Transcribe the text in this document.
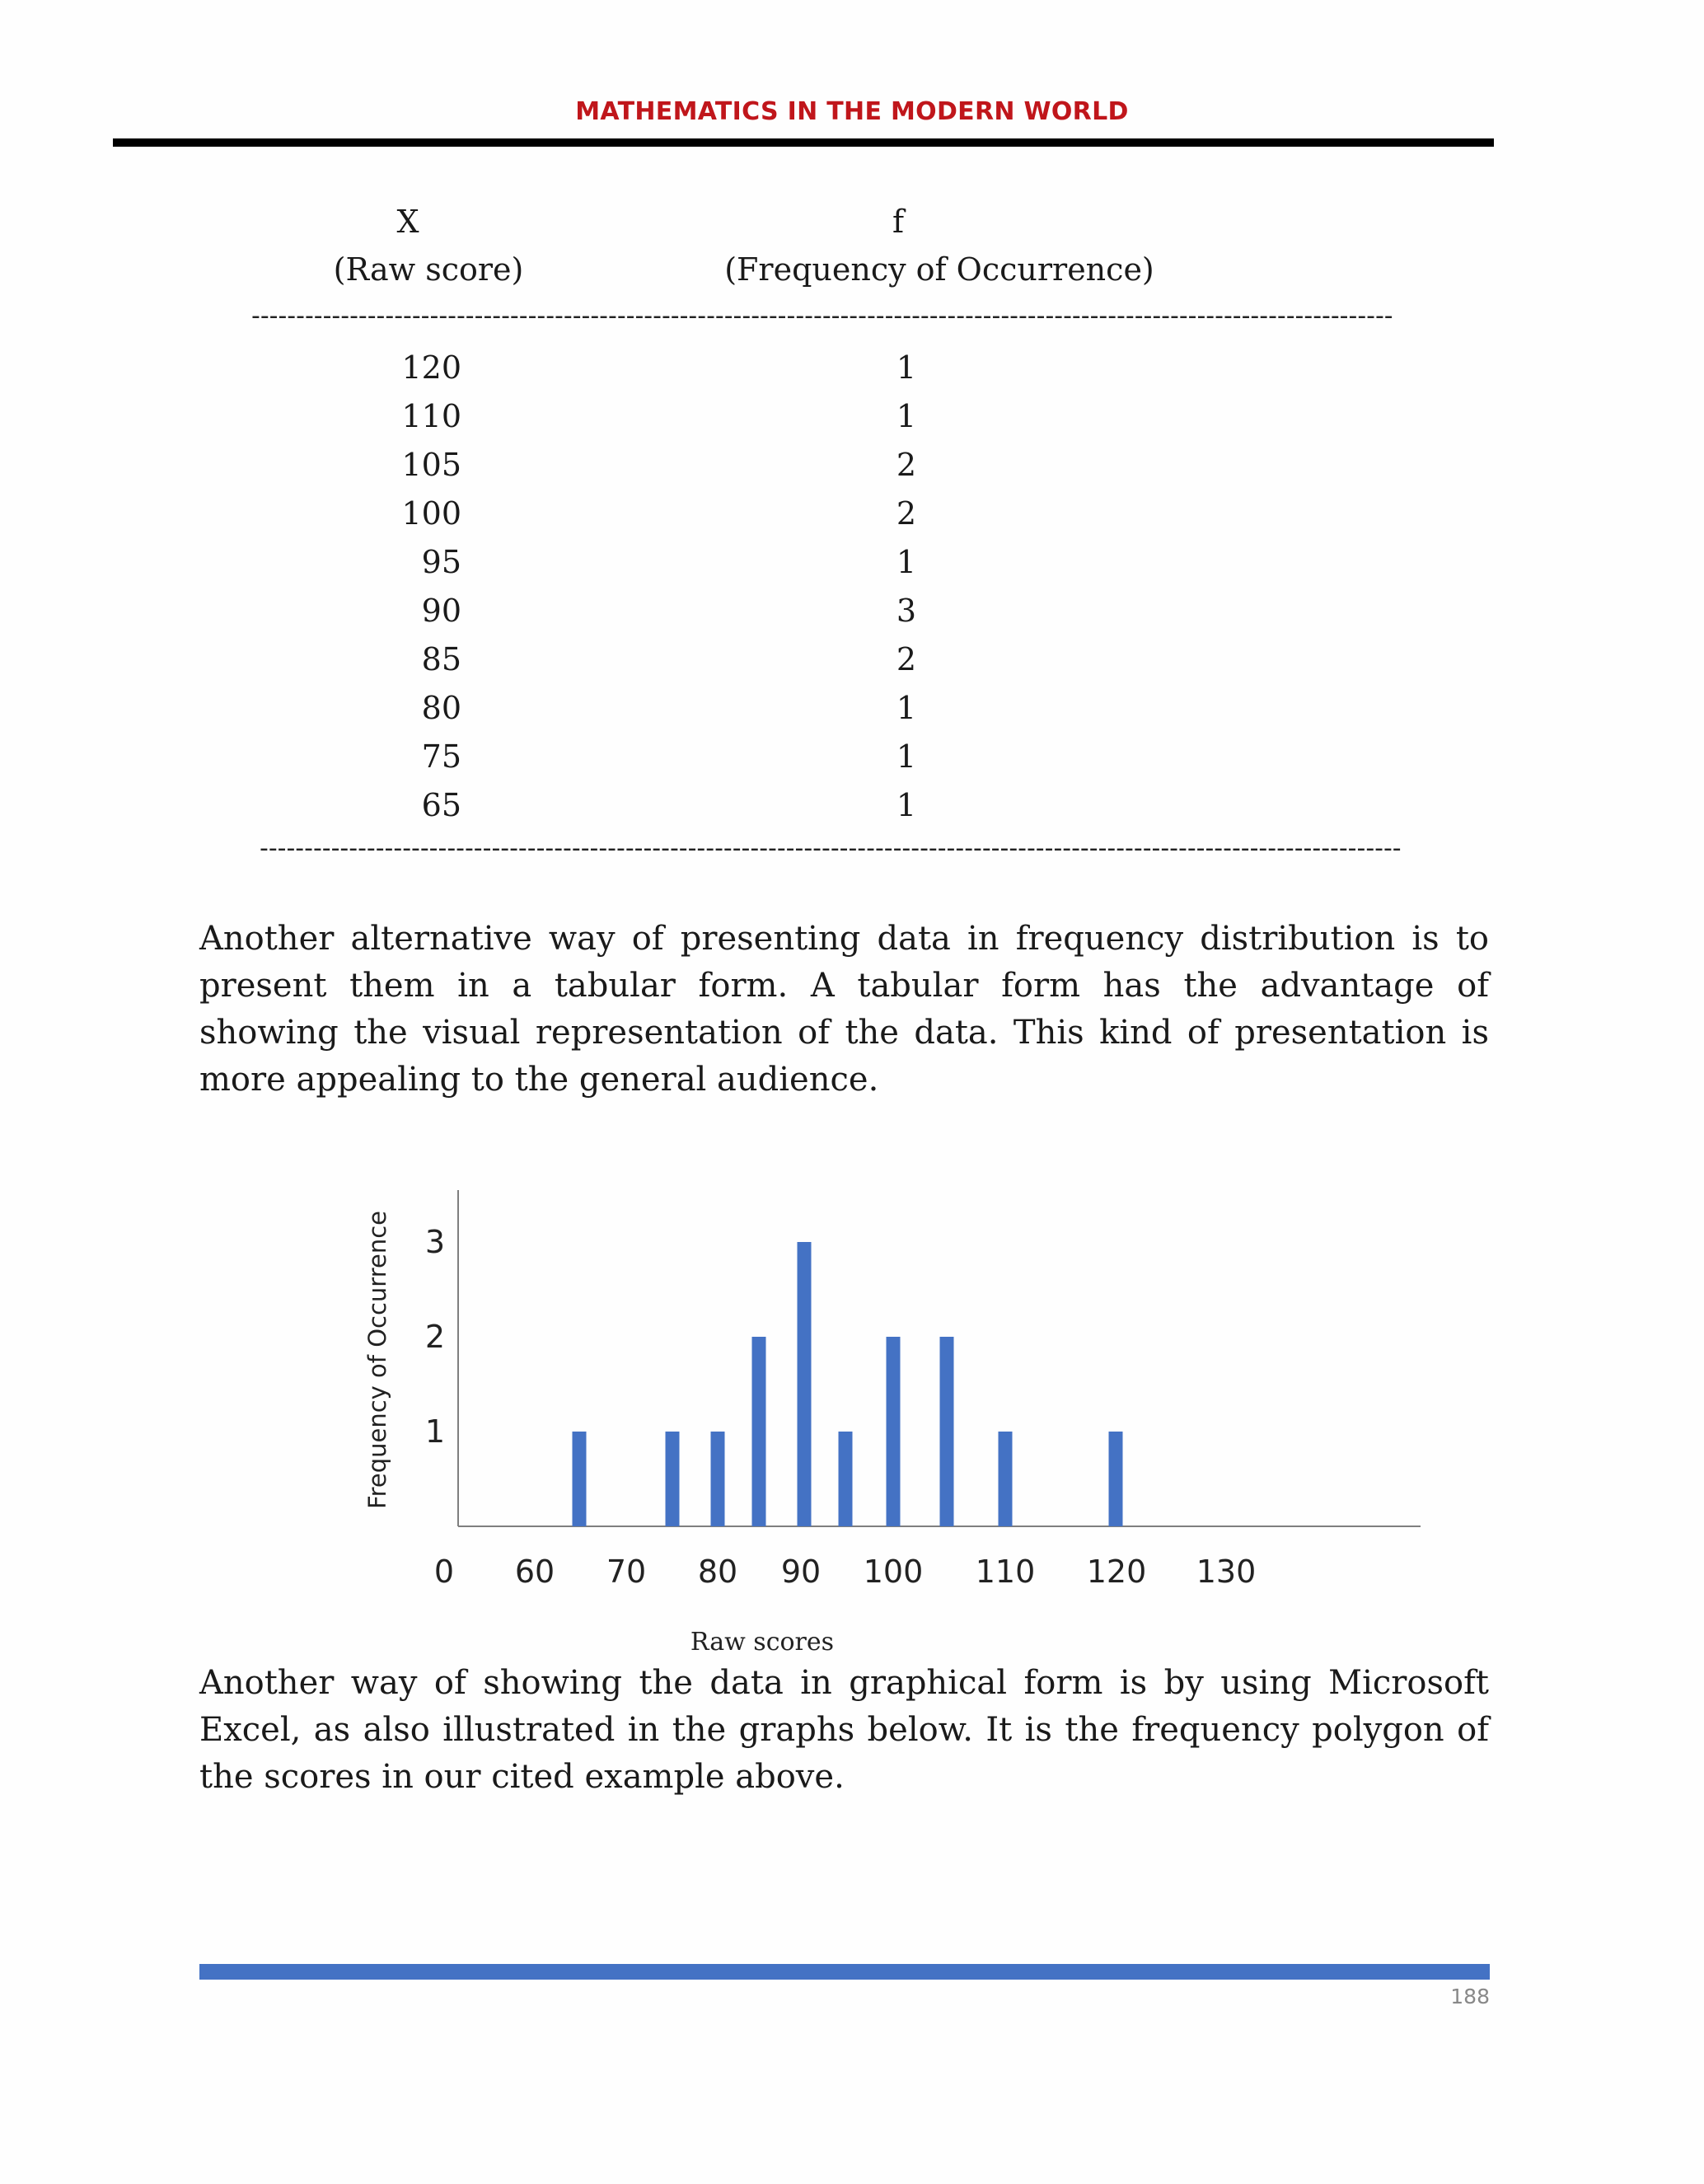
MATHEMATICS IN THE MODERN WORLD
X
(Raw score)
f
(Frequency of Occurrence)
--------------------------------------------------------------------------------------------------------------------------------
120
110
105
100
95
90
85
80
75
65
1
1
2
2
1
3
2
1
1
1
--------------------------------------------------------------------------------------------------------------------------------

Another alternative way of presenting data in frequency distribution is to present them in a tabular form. A tabular form has the advantage of showing the visual representation of the data. This kind of presentation is more appealing to the general audience.

1
2
3
0 60 70 80 90 100 110 120 130
Frequency of Occurrence
Raw scores

Another way of showing the data in graphical form is by using Microsoft Excel, as also illustrated in the graphs below. It is the frequency polygon of the scores in our cited example above.

188
